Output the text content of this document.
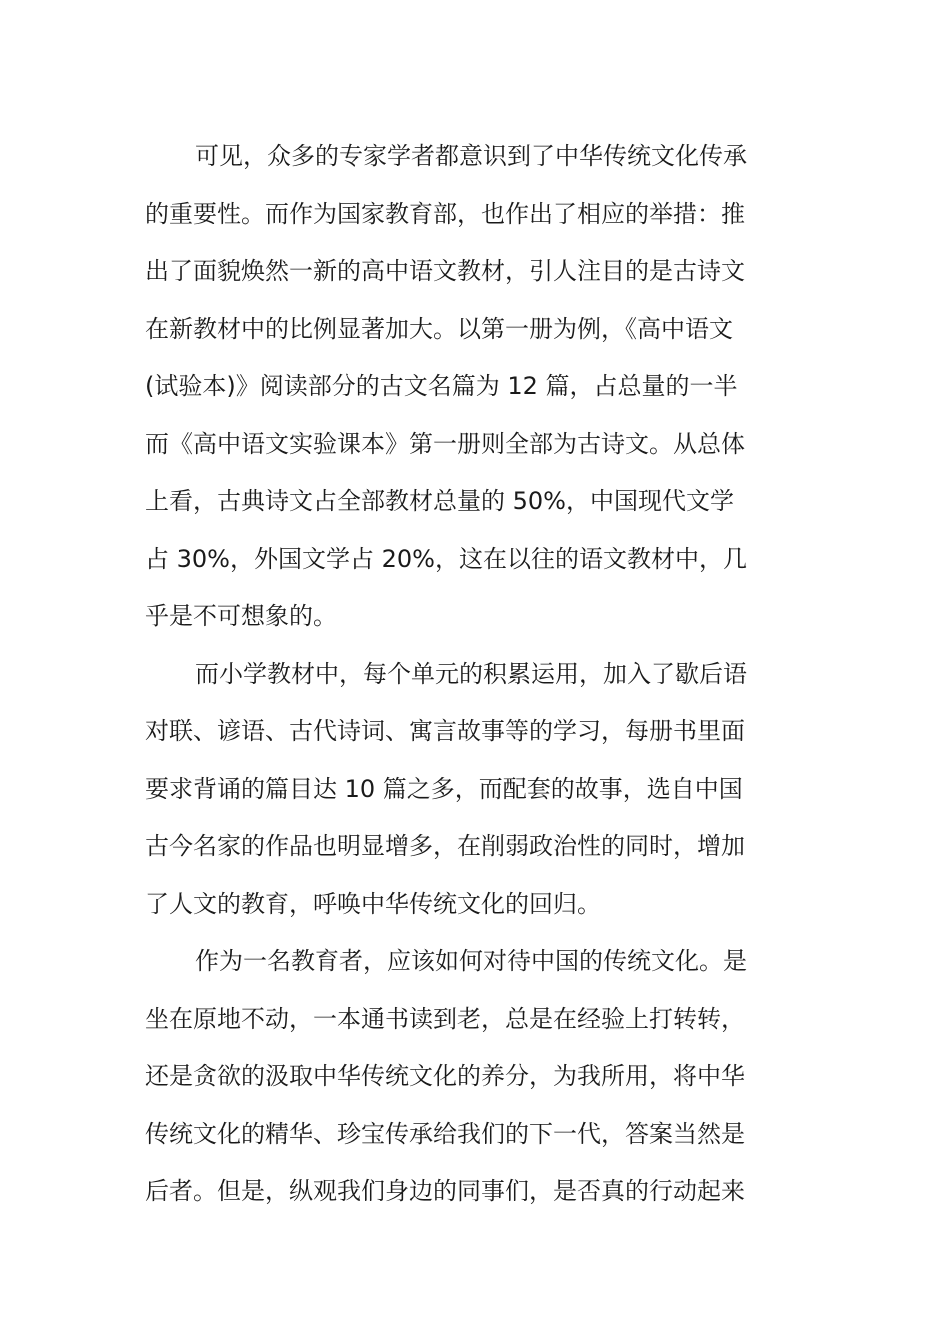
可见，众多的专家学者都意识到了中华传统文化传承
的重要性。而作为国家教育部，也作出了相应的举措：推
出了面貌焕然一新的高中语文教材，引人注目的是古诗文
在新教材中的比例显著加大。以第一册为例，《高中语文
(试验本)》阅读部分的古文名篇为 12 篇，占总量的一半
而《高中语文实验课本》第一册则全部为古诗文。从总体
上看，古典诗文占全部教材总量的 50%，中国现代文学
占 30%，外国文学占 20%，这在以往的语文教材中，几
乎是不可想象的。
而小学教材中，每个单元的积累运用，加入了歇后语
对联、谚语、古代诗词、寓言故事等的学习，每册书里面
要求背诵的篇目达 10 篇之多，而配套的故事，选自中国
古今名家的作品也明显增多，在削弱政治性的同时，增加
了人文的教育，呼唤中华传统文化的回归。
作为一名教育者，应该如何对待中国的传统文化。是
坐在原地不动，一本通书读到老，总是在经验上打转转，
还是贪欲的汲取中华传统文化的养分，为我所用，将中华
传统文化的精华、珍宝传承给我们的下一代，答案当然是
后者。但是，纵观我们身边的同事们，是否真的行动起来
